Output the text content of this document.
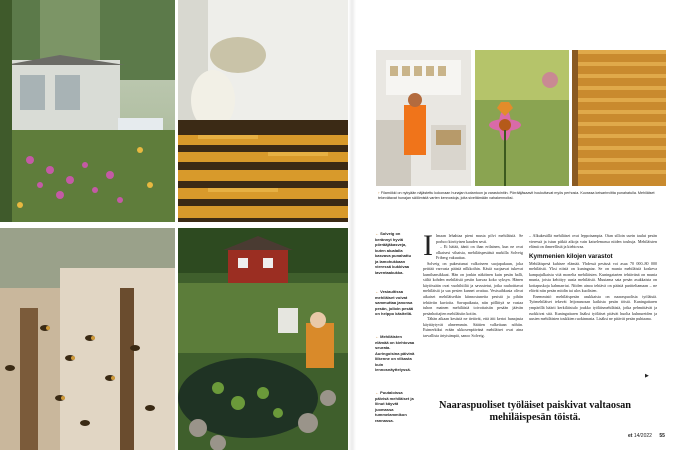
↑ Filamökki on nykyään näjästettu kokonaan hunajan tuotantoon ja varastointiin. Pörrääjäsaavit houkuttavat myös perhosia. Kuvassa keisarinviitta punahatulla. Mehiläiset tekevätavat hunajan säilömistä varten kennostoja, joita siveltämään vahakennoiksi.
← Solveig on kerännyt hyviä pörrääjäkasveja, kuten alualalla kasvava punahattu ja lamohukkaan vieressä kukkivaa laventaakukka.
← Vesiaultissa mehiläiset voivat sammuttaa janonsa pesän, jolloin pesää on helppo käsitellä.
← Mehiläisten elämää on kiehtovaa seurata. Auringoisina päivinä liikenne on vilkasta kuin lennosnäyttelyssä.
← Puutaloissa päivisä mehiläiset ja liinut käyvät juomassa tummelammikon rannassa.

Ilmaan lehahtaa pieni musta pilvi mehiläisiä. Se porhoo kirrityisen kauden sesti.

– Ei hätää, äänit on ihan erilainen, kun ne ovat olkaisesi vihaisia, mehiläispesääsä nurkilla Solveig Friberg vakuuttaa.

Solveig on pukeutunut valkoiseen suojapukuun, joka peittää varvasta päästä nilkkoihin. Käsiä suojaavat tukevat kumihansikkaat. Hän on jonkin näköinen kuin pesän halli, siiltä kohden mehiläisiä pesiin kasvaa koko syksyn. Hänen käytössään ovat vuohihiiliä ja savustetut, jotka rauhoittavat mehiläisiä ja saa pesien kannet avattua. Vesisuihkusta olivat aikaiset mehiläisetkin kiinnostuneita pesistä ja pihiin tehtäviin kuvioita. Savupaikasta, niin pöllittyä se vastaa tuhon mainen mehiläisiä toivottaisiin pesään jäävän pesänhoitajien mehiläisiin kotiin.

Tähän aikaan kesästä ne tietävät, että äiti kertoi hunajasta käyttäytyvät ahneemmin. Säätien valkeitaan nöhiin. Esimerkiksi erään ukkosenpäivänä mehiläiset ovat aina tarvallista ärtyisämpiä, sanoo Solveig.

– Alkukesällä mehiläiset ovat leppoisampia. Otan silloin usein taulut pesän vieressä ja istun pitkiä aikoja vain katselemassa niiden touhuja. Mehiläisten elämä on ihmeellistä ja kiehtovaa.

Kymmenien kilojen varastot

Mehiläispesä kuhisee elämää. Yhdessä pesässä voi asua 70 000–80 000 mehiläistä. Yksi niistä on kuningatar. Se on munia mehiläisiä koskeva kampajulkaistu viiä monelta mehiläisten. Kuningatarten tehtävänä on munia munia, joista kehittyy uusia mehiläisiä. Muutama sata pesän asukkaista on kotiapuskoja kahmarriat. Niiden ainoa tehtävä on pääsiä paritteltamaan – ne elävät niin pesän mitdin tai ulos kuolisien.

Enemmistö mehiläispesän asukkaista on naaraspuolisia työläisiä. Työmehiläiset tekevät leijonanosan kaikista pesän töistä. Kuningattaren ympärillä häärii kerkiläistulo joukko työläismehiläisiä, jotka pehmittävät ja ruokkivat sitä. Kuningattaren lisäksi työläiset pitävät huolta kuhnureiden ja uusien mehiläisten toukkien ruokinnasta. Lisäksi ne pitävät pesän puhtaana.

▶
Naaraspuoliset työläiset paiskivat valtaosan mehiläispesän töistä.
et 14/2022 55
